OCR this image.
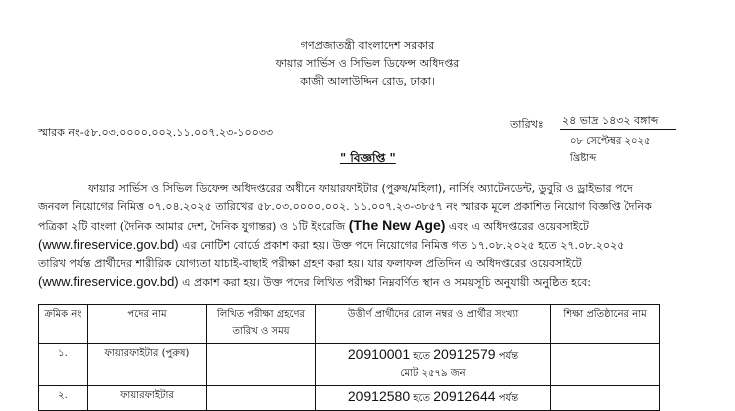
গণপ্রজাতন্ত্রী বাংলাদেশ সরকার
ফায়ার সার্ভিস ও সিভিল ডিফেন্স অধিদপ্তর
কাজী আলাউদ্দিন রোড, ঢাকা।
স্মারক নং-৫৮.০৩.০০০০.০০২.১১.০০৭.২৩-১০০৩৩
তারিখঃ ২৪ ভাদ্র ১৪৩২ বঙ্গাব্দ
০৮ সেপ্টেম্বর ২০২৫ খ্রিষ্টাব্দ
" বিজ্ঞপ্তি "
ফায়ার সার্ভিস ও সিভিল ডিফেন্স অধিদপ্তরের অধীনে ফায়ারফাইটার (পুরুষ/মহিলা), নার্সিং অ্যাটেনডেন্ট, ডুবুরি ও ড্রাইভার পদে
জনবল নিয়োগের নিমিত্ত ০৭.০৪.২০২৫ তারিখের ৫৮.০৩.০০০০.০০২. ১১.০০৭.২৩-৩৮৫৭ নং স্মারক মূলে প্রকাশিত নিয়োগ বিজ্ঞপ্তি দৈনিক
পত্রিকা ২টি বাংলা (দৈনিক আমার দেশ, দৈনিক যুগান্তর) ও ১টি ইংরেজি (The New Age) এবং এ অধিদপ্তরের ওয়েবসাইটে
(www.fireservice.gov.bd) এর নোটিশ বোর্ডে প্রকাশ করা হয়। উক্ত পদে নিয়োগের নিমিত্ত গত ১৭.০৮.২০২৫ হতে ২৭.০৮.২০২৫
তারিখ পর্যন্ত প্রার্থীদের শারীরিক যোগ্যতা যাচাই-বাছাই পরীক্ষা গ্রহণ করা হয়। যার ফলাফল প্রতিদিন এ অধিদপ্তরের ওয়েবসাইটে
(www.fireservice.gov.bd) এ প্রকাশ করা হয়। উক্ত পদের লিখিত পরীক্ষা নিম্নবর্ণিত স্থান ও সময়সূচি অনুযায়ী অনুষ্ঠিত হবে:
ক্রমিক নং	পদের নাম	লিখিত পরীক্ষা গ্রহণের তারিখ ও সময়	উত্তীর্ণ প্রার্থীদের রোল নম্বর ও প্রার্থীর সংখ্যা	শিক্ষা প্রতিষ্ঠানের নাম
১.	ফায়ারফাইটার (পুরুষ)		20910001 হতে 20912579 পর্যন্ত
মোট ২৫৭৯ জন	

২.	ফায়ারফাইটার		20912580 হতে 20912644 পর্যন্ত	
